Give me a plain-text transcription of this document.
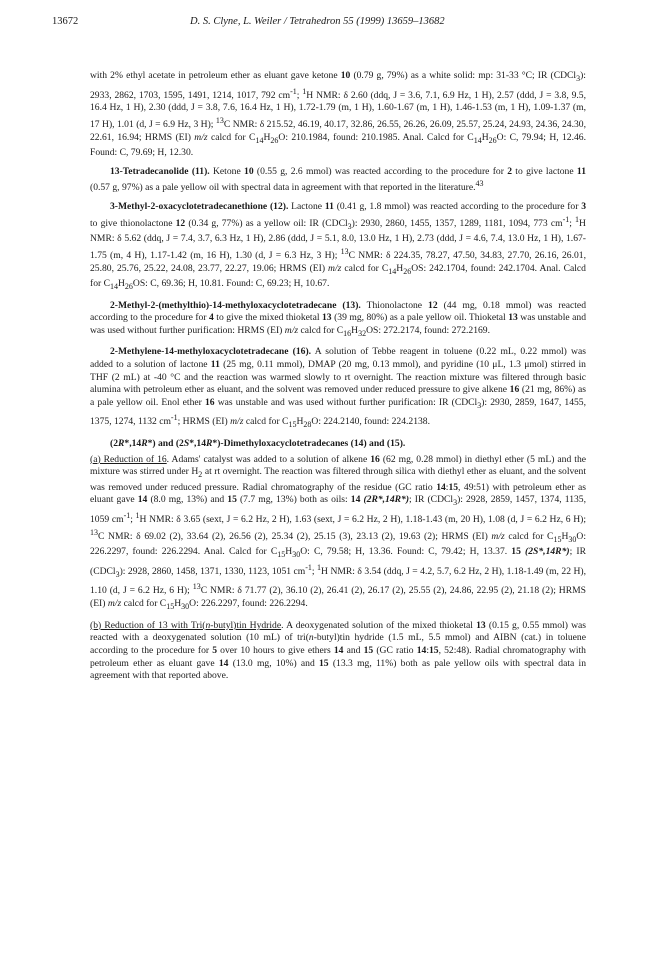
13672	D. S. Clyne, L. Weiler / Tetrahedron 55 (1999) 13659–13682

with 2% ethyl acetate in petroleum ether as eluant gave ketone 10 (0.79 g, 79%) as a white solid: mp: 31-33 °C; IR (CDCl$_3$): 2933, 2862, 1703, 1595, 1491, 1214, 1017, 792 $cm^{-1}$; $^1$H NMR: δ 2.60 (ddq, J = 3.6, 7.1, 6.9 Hz, 1 H), 2.57 (ddd, J = 3.8, 9.5, 16.4 Hz, 1 H), 2.30 (ddd, J = 3.8, 7.6, 16.4 Hz, 1 H), 1.72-1.79 (m, 1 H), 1.60-1.67 (m, 1 H), 1.46-1.53 (m, 1 H), 1.09-1.37 (m, 17 H), 1.01 (d, J = 6.9 Hz, 3 H); $^{13}$C NMR: δ 215.52, 46.19, 40.17, 32.86, 26.55, 26.26, 26.09, 25.57, 25.24, 24.93, 24.36, 24.30, 22.61, 16.94; HRMS (EI) m/z calcd for $C_{14}H_{26}O$: 210.1984, found: 210.1985. Anal. Calcd for $C_{14}H_{26}O$: C, 79.94; H, 12.46. Found: C, 79.69; H, 12.30.

13-Tetradecanolide (11). Ketone 10 (0.55 g, 2.6 mmol) was reacted according to the procedure for 2 to give lactone 11 (0.57 g, 97%) as a pale yellow oil with spectral data in agreement with that reported in the literature.$^{43}$

3-Methyl-2-oxacyclotetradecanethione (12). Lactone 11 (0.41 g, 1.8 mmol) was reacted according to the procedure for 3 to give thionolactone 12 (0.34 g, 77%) as a yellow oil: IR (CDCl$_3$): 2930, 2860, 1455, 1357, 1289, 1181, 1094, 773 $cm^{-1}$; $^1$H NMR: δ 5.62 (ddq, J = 7.4, 3.7, 6.3 Hz, 1 H), 2.86 (ddd, J = 5.1, 8.0, 13.0 Hz, 1 H), 2.73 (ddd, J = 4.6, 7.4, 13.0 Hz, 1 H), 1.67-1.75 (m, 4 H), 1.17-1.42 (m, 16 H), 1.30 (d, J = 6.3 Hz, 3 H); $^{13}$C NMR: δ 224.35, 78.27, 47.50, 34.83, 27.70, 26.16, 26.01, 25.80, 25.76, 25.22, 24.08, 23.77, 22.27, 19.06; HRMS (EI) m/z calcd for $C_{14}H_{26}OS$: 242.1704, found: 242.1704. Anal. Calcd for $C_{14}H_{26}OS$: C, 69.36; H, 10.81. Found: C, 69.23; H, 10.67.

2-Methyl-2-(methylthio)-14-methyloxacyclotetradecane (13). Thionolactone 12 (44 mg, 0.18 mmol) was reacted according to the procedure for 4 to give the mixed thioketal 13 (39 mg, 80%) as a pale yellow oil. Thioketal 13 was unstable and was used without further purification: HRMS (EI) m/z calcd for $C_{16}H_{32}OS$: 272.2174, found: 272.2169.

2-Methylene-14-methyloxacyclotetradecane (16). A solution of Tebbe reagent in toluene (0.22 mL, 0.22 mmol) was added to a solution of lactone 11 (25 mg, 0.11 mmol), DMAP (20 mg, 0.13 mmol), and pyridine (10 μL, 1.3 μmol) stirred in THF (2 mL) at -40 °C and the reaction was warmed slowly to rt overnight. The reaction mixture was filtered through basic alumina with petroleum ether as eluant, and the solvent was removed under reduced pressure to give alkene 16 (21 mg, 86%) as a pale yellow oil. Enol ether 16 was unstable and was used without further purification: IR (CDCl$_3$): 2930, 2859, 1647, 1455, 1375, 1274, 1132 $cm^{-1}$; HRMS (EI) m/z calcd for $C_{15}H_{28}O$: 224.2140, found: 224.2138.

(2R*,14R*) and (2S*,14R*)-Dimethyloxacyclotetradecanes (14) and (15).

(a) Reduction of 16. Adams' catalyst was added to a solution of alkene 16 (62 mg, 0.28 mmol) in diethyl ether (5 mL) and the mixture was stirred under $H_2$ at rt overnight. The reaction was filtered through silica with diethyl ether as eluant, and the solvent was removed under reduced pressure. Radial chromatography of the residue (GC ratio 14:15, 49:51) with petroleum ether as eluant gave 14 (8.0 mg, 13%) and 15 (7.7 mg, 13%) both as oils: 14 (2R*,14R*); IR (CDCl$_3$): 2928, 2859, 1457, 1374, 1135, 1059 $cm^{-1}$; $^1$H NMR: δ 3.65 (sext, J = 6.2 Hz, 2 H), 1.63 (sext, J = 6.2 Hz, 2 H), 1.18-1.43 (m, 20 H), 1.08 (d, J = 6.2 Hz, 6 H); $^{13}$C NMR: δ 69.02 (2), 33.64 (2), 26.56 (2), 25.34 (2), 25.15 (3), 23.13 (2), 19.63 (2); HRMS (EI) m/z calcd for $C_{15}H_{30}O$: 226.2297, found: 226.2294. Anal. Calcd for $C_{15}H_{30}O$: C, 79.58; H, 13.36. Found: C, 79.42; H, 13.37. 15 (2S*,14R*); IR (CDCl$_3$): 2928, 2860, 1458, 1371, 1330, 1123, 1051 $cm^{-1}$; $^1$H NMR: δ 3.54 (ddq, J = 4.2, 5.7, 6.2 Hz, 2 H), 1.18-1.49 (m, 22 H), 1.10 (d, J = 6.2 Hz, 6 H); $^{13}$C NMR: δ 71.77 (2), 36.10 (2), 26.41 (2), 26.17 (2), 25.55 (2), 24.86, 22.95 (2), 21.18 (2); HRMS (EI) m/z calcd for $C_{15}H_{30}O$: 226.2297, found: 226.2294.

(b) Reduction of 13 with Tri(n-butyl)tin Hydride. A deoxygenated solution of the mixed thioketal 13 (0.15 g, 0.55 mmol) was reacted with a deoxygenated solution (10 mL) of tri(n-butyl)tin hydride (1.5 mL, 5.5 mmol) and AIBN (cat.) in toluene according to the procedure for 5 over 10 hours to give ethers 14 and 15 (GC ratio 14:15, 52:48). Radial chromatography with petroleum ether as eluant gave 14 (13.0 mg, 10%) and 15 (13.3 mg, 11%) both as pale yellow oils with spectral data in agreement with that reported above.
